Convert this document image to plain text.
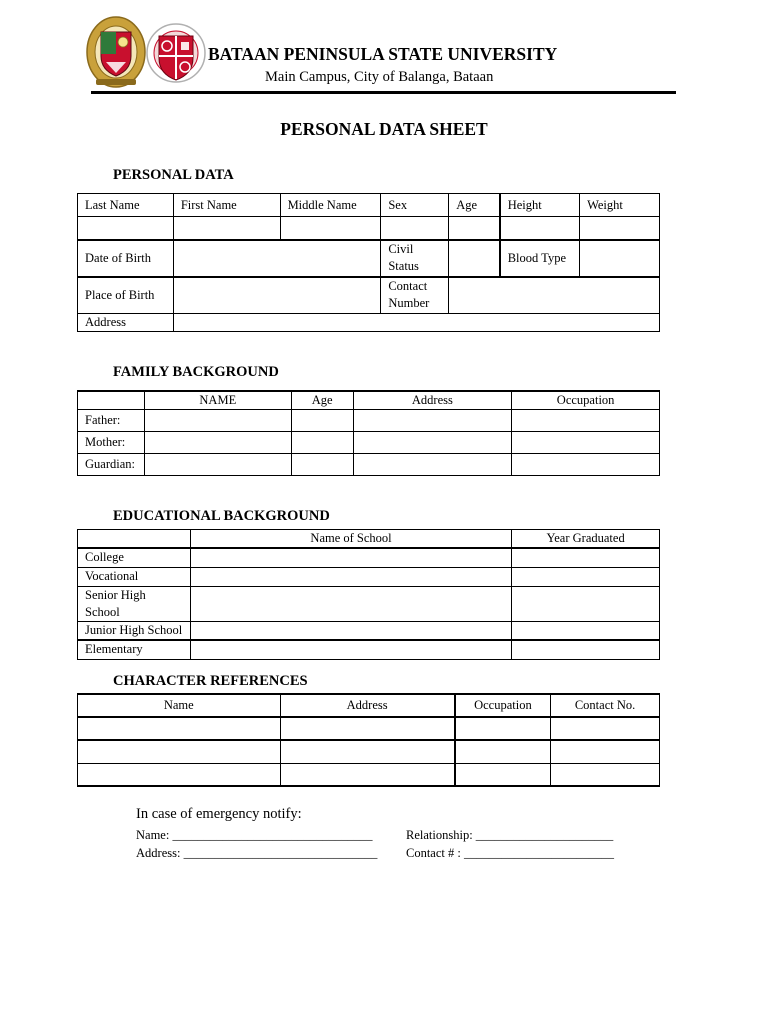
BATAAN PENINSULA STATE UNIVERSITY
Main Campus, City of Balanga, Bataan
PERSONAL DATA SHEET
PERSONAL DATA
Last Name	First Name	Middle Name	Sex	Age	Height	Weight

Date of Birth			Civil Status		Blood Type	
Place of Birth			Contact Number			
Address						
FAMILY BACKGROUND
	NAME	Age	Address	Occupation
Father:				
Mother:				
Guardian:				
EDUCATIONAL BACKGROUND
	Name of School	Year Graduated
College		
Vocational		
Senior High School		
Junior High School		
Elementary		
CHARACTER REFERENCES
Name	Address	Occupation	Contact No.

In case of emergency notify:
Name: ________________________________	Relationship: ______________________
Address: _______________________________ Contact # : ________________________
